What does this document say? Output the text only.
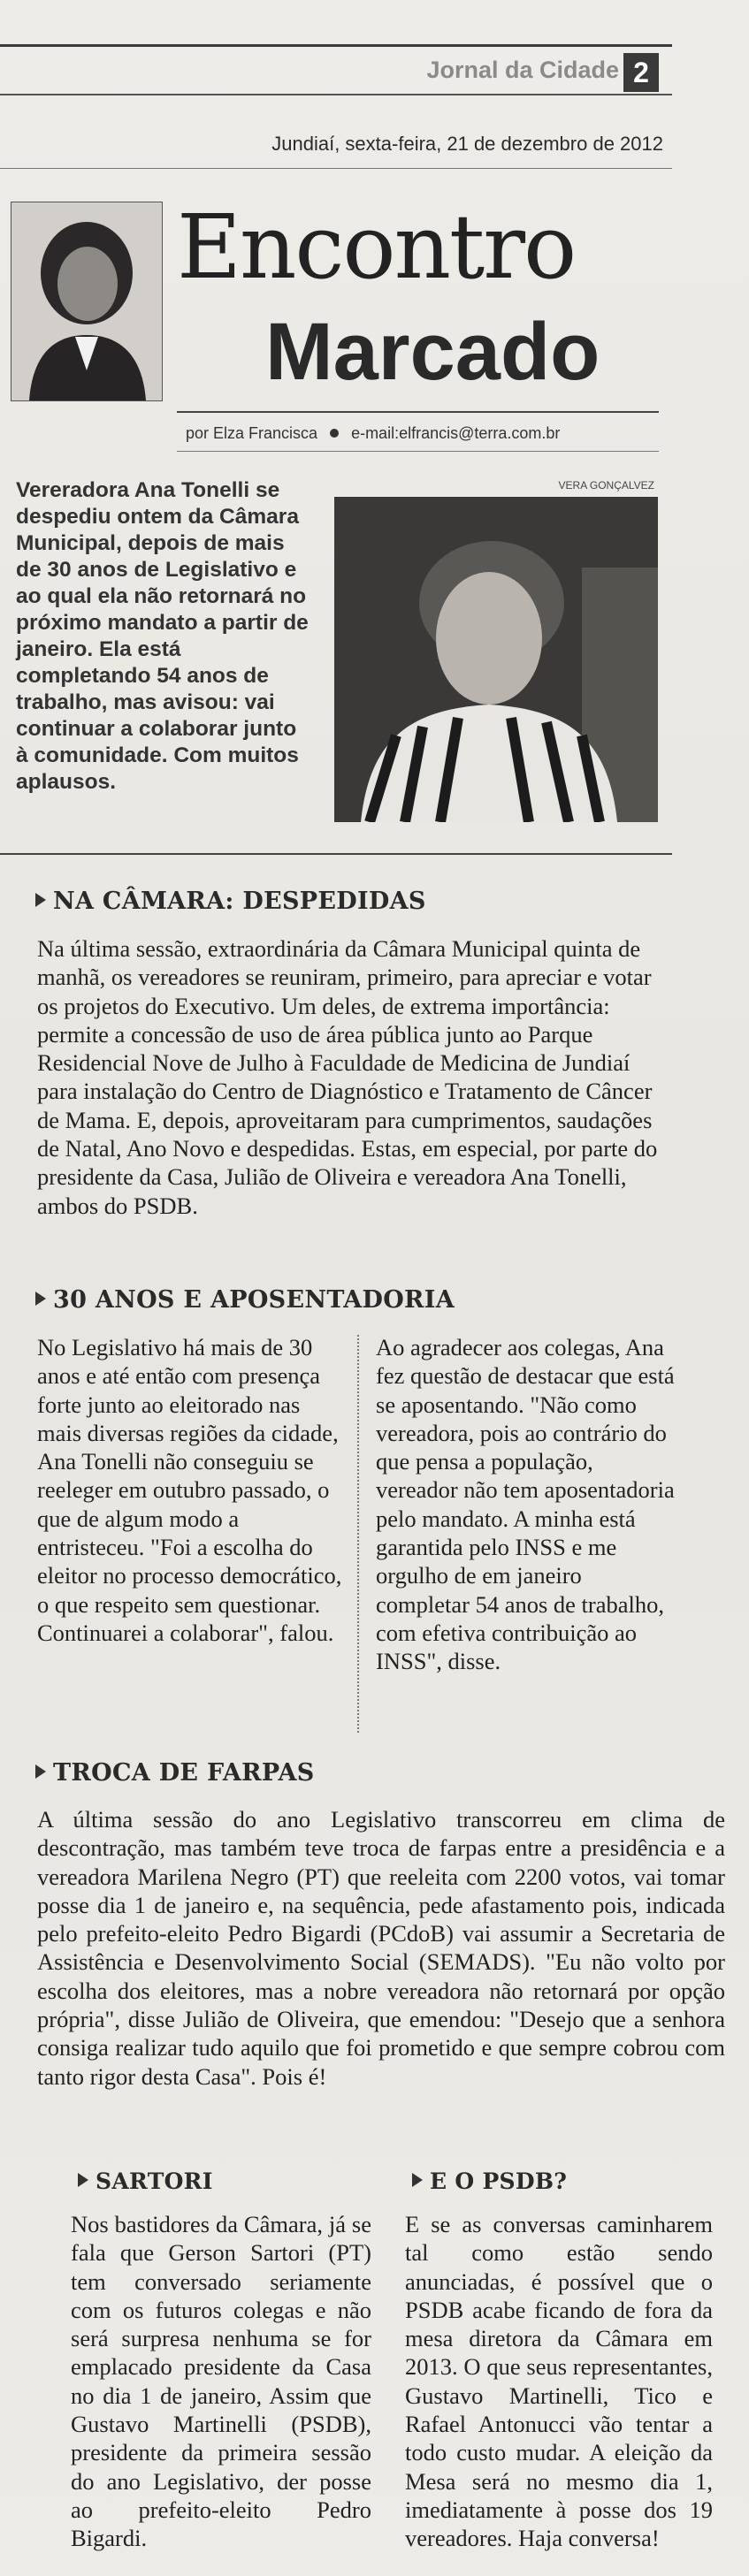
Jornal da Cidade 2
Jundiaí, sexta-feira, 21 de dezembro de 2012
Encontro
Marcado
por Elza Francisca e-mail:elfrancis@terra.com.br
Vereradora Ana Tonelli se despediu ontem da Câmara Municipal, depois de mais de 30 anos de Legislativo e ao qual ela não retornará no próximo mandato a partir de janeiro. Ela está completando 54 anos de trabalho, mas avisou: vai continuar a colaborar junto à comunidade. Com muitos aplausos.
VERA GONÇALVEZ
NA CÂMARA: DESPEDIDAS
Na última sessão, extraordinária da Câmara Municipal quinta de manhã, os vereadores se reuniram, primeiro, para apreciar e votar os projetos do Executivo. Um deles, de extrema importância: permite a concessão de uso de área pública junto ao Parque Residencial Nove de Julho à Faculdade de Medicina de Jundiaí para instalação do Centro de Diagnóstico e Tratamento de Câncer de Mama. E, depois, aproveitaram para cumprimentos, saudações de Natal, Ano Novo e despedidas. Estas, em especial, por parte do presidente da Casa, Julião de Oliveira e vereadora Ana Tonelli, ambos do PSDB.
30 ANOS E APOSENTADORIA
No Legislativo há mais de 30 anos e até então com presença forte junto ao eleitorado nas mais diversas regiões da cidade, Ana Tonelli não conseguiu se reeleger em outubro passado, o que de algum modo a entristeceu. "Foi a escolha do eleitor no processo democrático, o que respeito sem questionar. Continuarei a colaborar", falou.
Ao agradecer aos colegas, Ana fez questão de destacar que está se aposentando. "Não como vereadora, pois ao contrário do que pensa a população, vereador não tem aposentadoria pelo mandato. A minha está garantida pelo INSS e me orgulho de em janeiro completar 54 anos de trabalho, com efetiva contribuição ao INSS", disse.
TROCA DE FARPAS
A última sessão do ano Legislativo transcorreu em clima de descontração, mas também teve troca de farpas entre a presidência e a vereadora Marilena Negro (PT) que reeleita com 2200 votos, vai tomar posse dia 1 de janeiro e, na sequência, pede afastamento pois, indicada pelo prefeito-eleito Pedro Bigardi (PCdoB) vai assumir a Secretaria de Assistência e Desenvolvimento Social (SEMADS). "Eu não volto por escolha dos eleitores, mas a nobre vereadora não retornará por opção própria", disse Julião de Oliveira, que emendou: "Desejo que a senhora consiga realizar tudo aquilo que foi prometido e que sempre cobrou com tanto rigor desta Casa". Pois é!
SARTORI
Nos bastidores da Câmara, já se fala que Gerson Sartori (PT) tem conversado seriamente com os futuros colegas e não será surpresa nenhuma se for emplacado presidente da Casa no dia 1 de janeiro, Assim que Gustavo Martinelli (PSDB), presidente da primeira sessão do ano Legislativo, der posse ao prefeito-eleito Pedro Bigardi.
E O PSDB?
E se as conversas caminharem tal como estão sendo anunciadas, é possível que o PSDB acabe ficando de fora da mesa diretora da Câmara em 2013. O que seus representantes, Gustavo Martinelli, Tico e Rafael Antonucci vão tentar a todo custo mudar. A eleição da Mesa será no mesmo dia 1, imediatamente à posse dos 19 vereadores. Haja conversa!
